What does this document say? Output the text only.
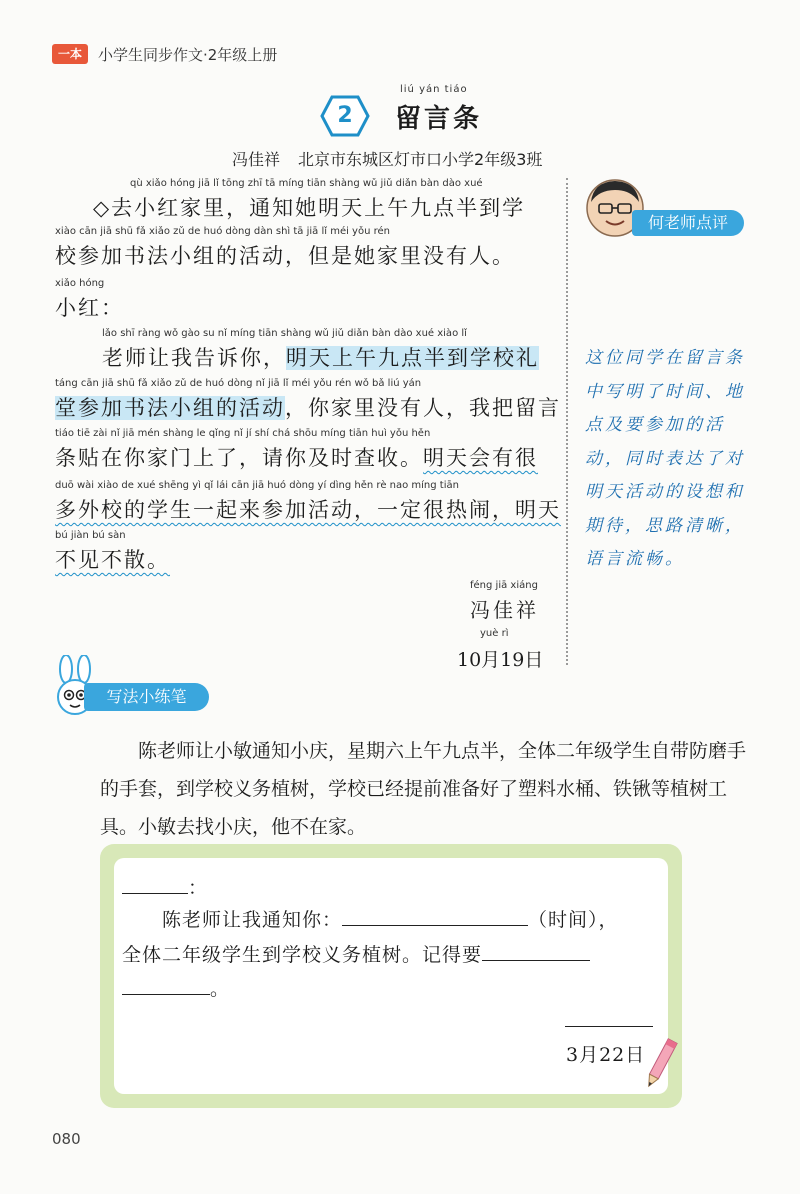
一本	小学生同步作文·2年级上册
2
liú yán tiáo
留言条
冯佳祥 北京市东城区灯市口小学2年级3班
qù xiǎo hóng jiā lǐ tōng zhī tā míng tiān shàng wǔ jiǔ diǎn bàn dào xué
◇去小红家里，通知她明天上午九点半到学
xiào cān jiā shū fǎ xiǎo zǔ de huó dòng dàn shì tā jiā lǐ méi yǒu rén
校参加书法小组的活动，但是她家里没有人。
xiǎo hóng
小红：
lǎo shī ràng wǒ gào su nǐ míng tiān shàng wǔ jiǔ diǎn bàn dào xué xiào lǐ
老师让我告诉你，明天上午九点半到学校礼
táng cān jiā shū fǎ xiǎo zǔ de huó dòng nǐ jiā lǐ méi yǒu rén wǒ bǎ liú yán
堂参加书法小组的活动，你家里没有人，我把留言
tiáo tiē zài nǐ jiā mén shàng le qǐng nǐ jí shí chá shōu míng tiān huì yǒu hěn
条贴在你家门上了，请你及时查收。明天会有很
duō wài xiào de xué shēng yì qǐ lái cān jiā huó dòng yí dìng hěn rè nao míng tiān
多外校的学生一起来参加活动，一定很热闹，明天
bú jiàn bú sàn
不见不散。
féng jiā xiáng
冯佳祥
yuè rì
10月19日
何老师点评
这位同学在留言条中写明了时间、地点及要参加的活动，同时表达了对明天活动的设想和期待，思路清晰，语言流畅。
写法小练笔
陈老师让小敏通知小庆，星期六上午九点半，全体二年级学生自带防磨手的手套，到学校义务植树，学校已经提前准备好了塑料水桶、铁锹等植树工具。小敏去找小庆，他不在家。
：
陈老师让我通知你：	（时间），
全体二年级学生到学校义务植树。记得要
。
3月22日
080
